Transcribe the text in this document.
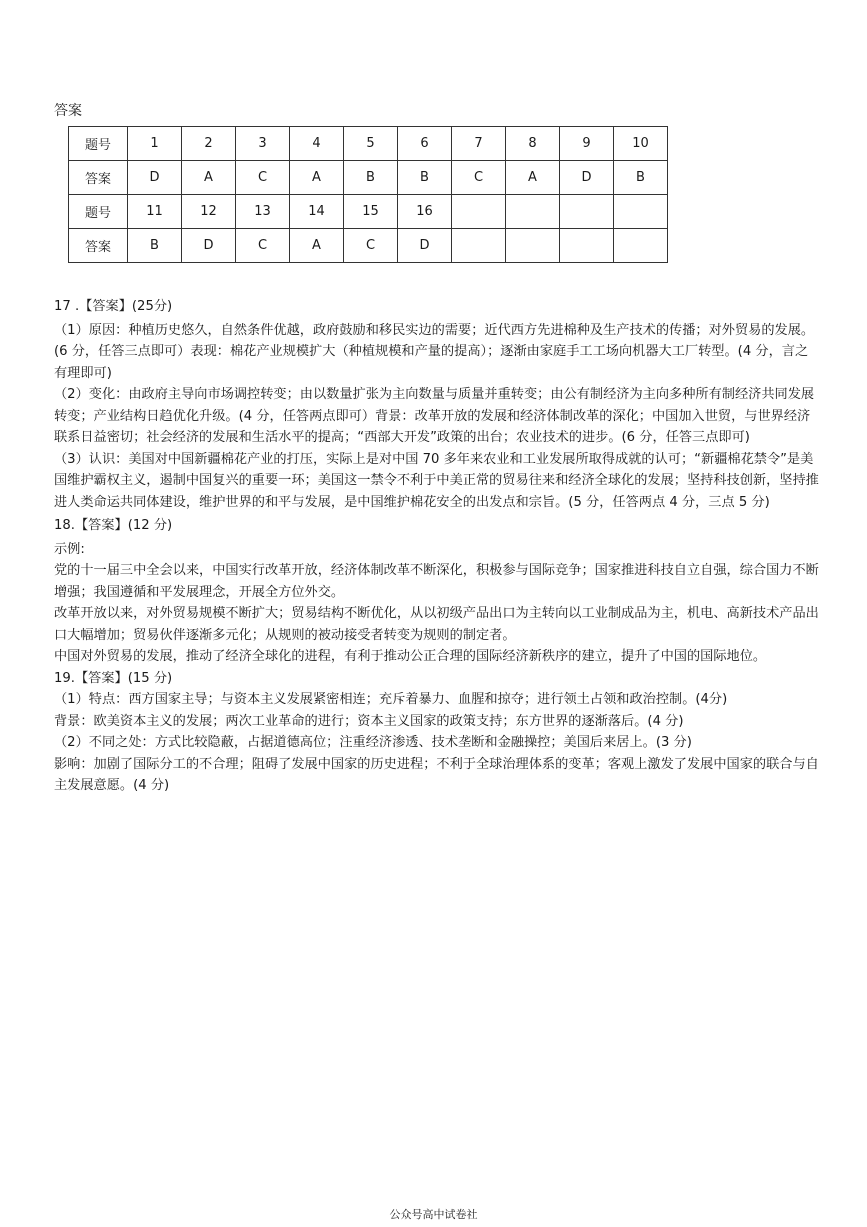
答案
题号	1	2	3	4	5	6	7	8	9	10
答案	D	A	C	A	B	B	C	A	D	B
题号	11	12	13	14	15	16				
答案	B	D	C	A	C	D				

17 .【答案】(25分)

（1）原因：种植历史悠久，自然条件优越，政府鼓励和移民实边的需要；近代西方先进棉种及生产技术的传播；对外贸易的发展。(6 分，任答三点即可）表现：棉花产业规模扩大（种植规模和产量的提高）；逐渐由家庭手工工场向机器大工厂转型。(4 分，言之有理即可)

（2）变化：由政府主导向市场调控转变；由以数量扩张为主向数量与质量并重转变；由公有制经济为主向多种所有制经济共同发展转变；产业结构日趋优化升级。(4 分，任答两点即可）背景：改革开放的发展和经济体制改革的深化；中国加入世贸，与世界经济联系日益密切；社会经济的发展和生活水平的提高；“西部大开发”政策的出台；农业技术的进步。(6 分，任答三点即可)

（3）认识：美国对中国新疆棉花产业的打压，实际上是对中国 70 多年来农业和工业发展所取得成就的认可；“新疆棉花禁令”是美国维护霸权主义，遏制中国复兴的重要一环；美国这一禁令不利于中美正常的贸易往来和经济全球化的发展；坚持科技创新，坚持推进人类命运共同体建设，维护世界的和平与发展，是中国维护棉花安全的出发点和宗旨。(5 分，任答两点 4 分，三点 5 分)

18.【答案】(12 分)

示例:

党的十一届三中全会以来，中国实行改革开放，经济体制改革不断深化，积极参与国际竞争；国家推进科技自立自强，综合国力不断增强；我国遵循和平发展理念，开展全方位外交。

改革开放以来，对外贸易规模不断扩大；贸易结构不断优化，从以初级产品出口为主转向以工业制成品为主，机电、高新技术产品出口大幅增加；贸易伙伴逐渐多元化；从规则的被动接受者转变为规则的制定者。

中国对外贸易的发展，推动了经济全球化的进程，有利于推动公正合理的国际经济新秩序的建立，提升了中国的国际地位。

19.【答案】(15 分)

（1）特点：西方国家主导；与资本主义发展紧密相连；充斥着暴力、血腥和掠夺；进行领土占领和政治控制。(4分)

背景：欧美资本主义的发展；两次工业革命的进行；资本主义国家的政策支持；东方世界的逐渐落后。(4 分)

（2）不同之处：方式比较隐蔽，占据道德高位；注重经济渗透、技术垄断和金融操控；美国后来居上。(3 分)

影响：加剧了国际分工的不合理；阻碍了发展中国家的历史进程；不利于全球治理体系的变革；客观上激发了发展中国家的联合与自主发展意愿。(4 分)

公众号高中试卷社
